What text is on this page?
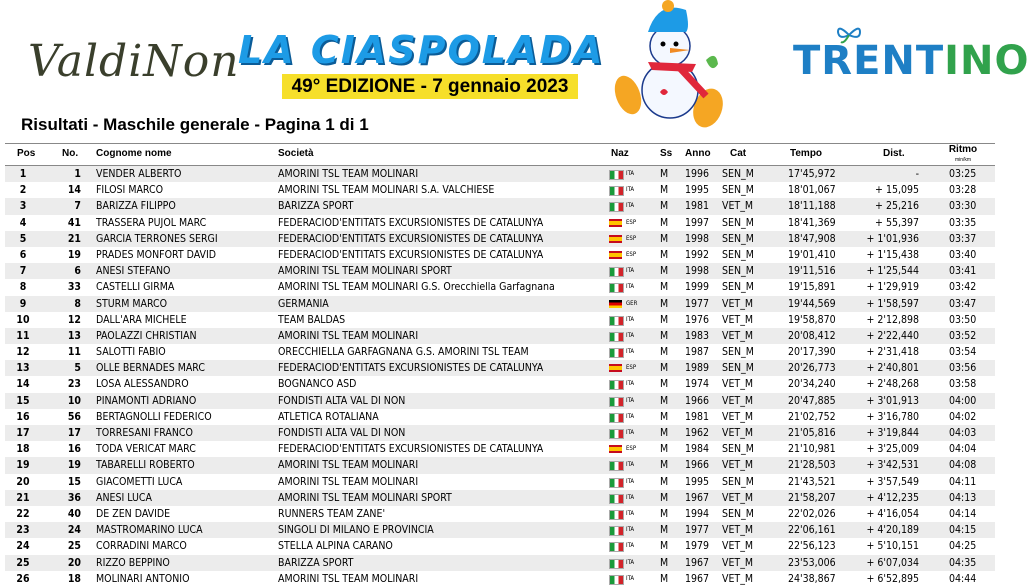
ValdiNon
LA CIASPOLADA
49° EDIZIONE - 7 gennaio 2023
TRENTINO
Risultati - Maschile generale - Pagina 1 di 1
Pos	No. Cognome nome	Società	Naz	Ss Anno Cat	Tempo	Dist.	Ritmo
min/km
1	1 VENDER ALBERTO	AMORINI TSL TEAM MOLINARI	ITA M 1996 SEN_M	17'45,972	-	03:25
2	14 FILOSI MARCO	AMORINI TSL TEAM MOLINARI S.A. VALCHIESE	ITA M 1995 SEN_M	18'01,067	+ 15,095	03:28
3	7 BARIZZA FILIPPO	BARIZZA SPORT	ITA M 1981 VET_M	18'11,188	+ 25,216	03:30
4	41 TRASSERA PUJOL MARC	FEDERACIOD'ENTITATS EXCURSIONISTES DE CATALUNYA	ESP M 1997 SEN_M	18'41,369	+ 55,397	03:35
5	21 GARCIA TERRONES SERGI	FEDERACIOD'ENTITATS EXCURSIONISTES DE CATALUNYA	ESP M 1998 SEN_M	18'47,908	+ 1'01,936	03:37
6	19 PRADES MONFORT DAVID	FEDERACIOD'ENTITATS EXCURSIONISTES DE CATALUNYA	ESP M 1992 SEN_M	19'01,410	+ 1'15,438	03:40
7	6 ANESI STEFANO	AMORINI TSL TEAM MOLINARI SPORT	ITA M 1998 SEN_M	19'11,516	+ 1'25,544	03:41
8	33 CASTELLI GIRMA	AMORINI TSL TEAM MOLINARI G.S. Orecchiella Garfagnana	ITA M 1999 SEN_M	19'15,891	+ 1'29,919	03:42
9	8 STURM MARCO	GERMANIA	GER M 1977 VET_M	19'44,569	+ 1'58,597	03:47
10	12 DALL'ARA MICHELE	TEAM BALDAS	ITA M 1976 VET_M	19'58,870	+ 2'12,898	03:50
11	13 PAOLAZZI CHRISTIAN	AMORINI TSL TEAM MOLINARI	ITA M 1983 VET_M	20'08,412	+ 2'22,440	03:52
12	11 SALOTTI FABIO	ORECCHIELLA GARFAGNANA G.S. AMORINI TSL TEAM	ITA M 1987 SEN_M	20'17,390	+ 2'31,418	03:54
13	5 OLLE BERNADES MARC	FEDERACIOD'ENTITATS EXCURSIONISTES DE CATALUNYA	ESP M 1989 SEN_M	20'26,773	+ 2'40,801	03:56
14	23 LOSA ALESSANDRO	BOGNANCO ASD	ITA M 1974 VET_M	20'34,240	+ 2'48,268	03:58
15	10 PINAMONTI ADRIANO	FONDISTI ALTA VAL DI NON	ITA M 1966 VET_M	20'47,885	+ 3'01,913	04:00
16	56 BERTAGNOLLI FEDERICO	ATLETICA ROTALIANA	ITA M 1981 VET_M	21'02,752	+ 3'16,780	04:02
17	17 TORRESANI FRANCO	FONDISTI ALTA VAL DI NON	ITA M 1962 VET_M	21'05,816	+ 3'19,844	04:03
18	16 TODA VERICAT MARC	FEDERACIOD'ENTITATS EXCURSIONISTES DE CATALUNYA	ESP M 1984 SEN_M	21'10,981	+ 3'25,009	04:04
19	19 TABARELLI ROBERTO	AMORINI TSL TEAM MOLINARI	ITA M 1966 VET_M	21'28,503	+ 3'42,531	04:08
20	15 GIACOMETTI LUCA	AMORINI TSL TEAM MOLINARI	ITA M 1995 SEN_M	21'43,521	+ 3'57,549	04:11
21	36 ANESI LUCA	AMORINI TSL TEAM MOLINARI SPORT	ITA M 1967 VET_M	21'58,207	+ 4'12,235	04:13
22	40 DE ZEN DAVIDE	RUNNERS TEAM ZANE'	ITA M 1994 SEN_M	22'02,026	+ 4'16,054	04:14
23	24 MASTROMARINO LUCA	SINGOLI DI MILANO E PROVINCIA	ITA M 1977 VET_M	22'06,161	+ 4'20,189	04:15
24	25 CORRADINI MARCO	STELLA ALPINA CARANO	ITA M 1979 VET_M	22'56,123	+ 5'10,151	04:25
25	20 RIZZO BEPPINO	BARIZZA SPORT	ITA M 1967 VET_M	23'53,006	+ 6'07,034	04:35
26	18 MOLINARI ANTONIO	AMORINI TSL TEAM MOLINARI	ITA M 1967 VET_M	24'38,867	+ 6'52,895	04:44
